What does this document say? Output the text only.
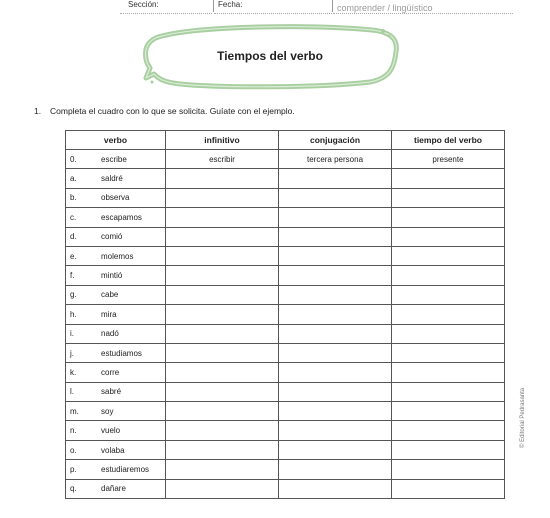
Sección:	Fecha:	comprender / lingüístico
Tiempos del verbo
1. Completa el cuadro con lo que se solicita. Guíate con el ejemplo.
verbo	infinitivo	conjugación	tiempo del verbo
0. escribe	escribir	tercera persona	presente
a. saldré			
b. observa			
c. escapamos			
d. comió			
e. molemos			
f. mintió			
g. cabe			
h. mira			
i. nadó			
j. estudiamos			
k. corre			
l. sabré			
m. soy			
n. vuelo			
o. volaba			
p. estudiaremos			
q. dañare			
© Editorial Pedrasanta
